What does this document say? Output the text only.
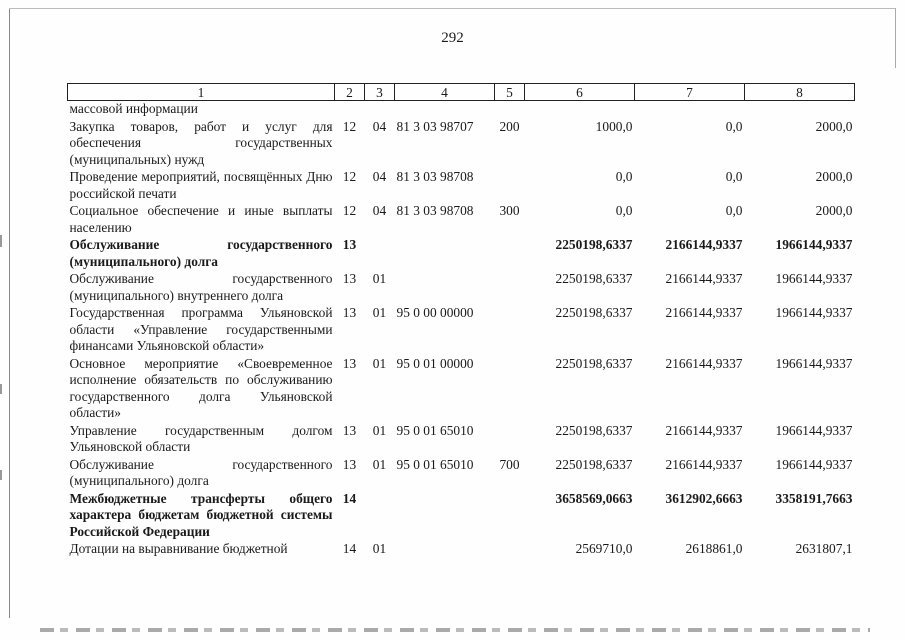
292
1	2	3	4	5	6	7	8
массовой информации							
Закупка товаров, работ и услуг для обеспечения государственных (муниципальных) нужд	12	04	81 3 03 98707	200	1000,0	0,0	2000,0
Проведение мероприятий, посвящённых Дню российской печати	12	04	81 3 03 98708		0,0	0,0	2000,0
Социальное обеспечение и иные выплаты населению	12	04	81 3 03 98708	300	0,0	0,0	2000,0
Обслуживание государственного (муниципального) долга	13				2250198,6337	2166144,9337	1966144,9337
Обслуживание государственного (муниципального) внутреннего долга	13	01			2250198,6337	2166144,9337	1966144,9337
Государственная программа Ульяновской области «Управление государственными финансами Ульяновской области»	13	01	95 0 00 00000		2250198,6337	2166144,9337	1966144,9337
Основное мероприятие «Своевременное исполнение обязательств по обслуживанию государственного долга Ульяновской области»	13	01	95 0 01 00000		2250198,6337	2166144,9337	1966144,9337
Управление государственным долгом Ульяновской области	13	01	95 0 01 65010		2250198,6337	2166144,9337	1966144,9337
Обслуживание государственного (муниципального) долга	13	01	95 0 01 65010	700	2250198,6337	2166144,9337	1966144,9337
Межбюджетные трансферты общего характера бюджетам бюджетной системы Российской Федерации	14				3658569,0663	3612902,6663	3358191,7663
Дотации на выравнивание бюджетной	14	01			2569710,0	2618861,0	2631807,1
